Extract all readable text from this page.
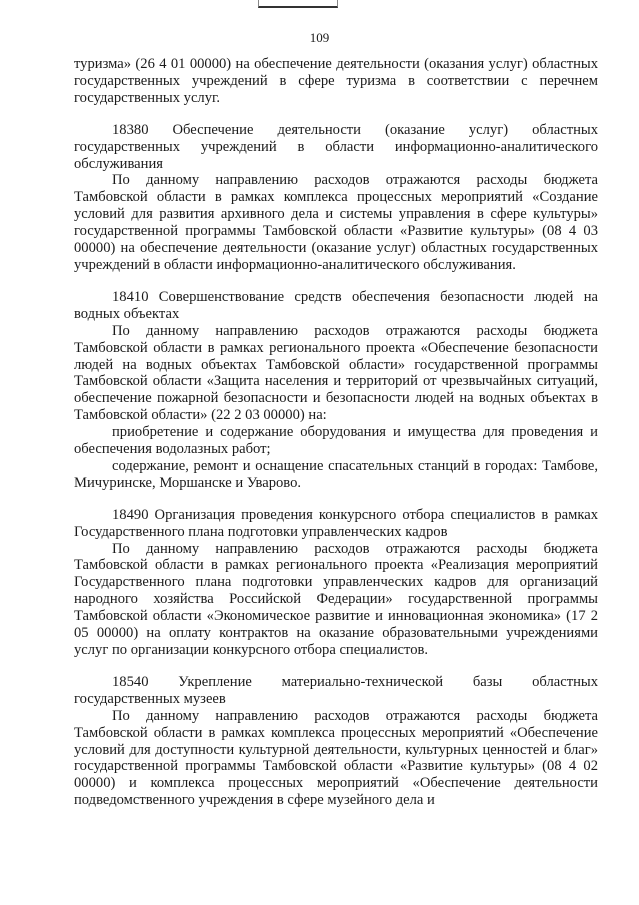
109

туризма» (26 4 01 00000) на обеспечение деятельности (оказания услуг) областных государственных учреждений в сфере туризма в соответствии с перечнем государственных услуг.

18380 Обеспечение деятельности (оказание услуг) областных государственных учреждений в области информационно-аналитического обслуживания

По данному направлению расходов отражаются расходы бюджета Тамбовской области в рамках комплекса процессных мероприятий «Создание условий для развития архивного дела и системы управления в сфере культуры» государственной программы Тамбовской области «Развитие культуры» (08 4 03 00000) на обеспечение деятельности (оказание услуг) областных государственных учреждений в области информационно-аналитического обслуживания.

18410 Совершенствование средств обеспечения безопасности людей на водных объектах

По данному направлению расходов отражаются расходы бюджета Тамбовской области в рамках регионального проекта «Обеспечение безопасности людей на водных объектах Тамбовской области» государственной программы Тамбовской области «Защита населения и территорий от чрезвычайных ситуаций, обеспечение пожарной безопасности и безопасности людей на водных объектах в Тамбовской области» (22 2 03 00000) на:

приобретение и содержание оборудования и имущества для проведения и обеспечения водолазных работ;

содержание, ремонт и оснащение спасательных станций в городах: Тамбове, Мичуринске, Моршанске и Уварово.

18490 Организация проведения конкурсного отбора специалистов в рамках Государственного плана подготовки управленческих кадров

По данному направлению расходов отражаются расходы бюджета Тамбовской области в рамках регионального проекта «Реализация мероприятий Государственного плана подготовки управленческих кадров для организаций народного хозяйства Российской Федерации» государственной программы Тамбовской области «Экономическое развитие и инновационная экономика» (17 2 05 00000) на оплату контрактов на оказание образовательными учреждениями услуг по организации конкурсного отбора специалистов.

18540 Укрепление материально-технической базы областных государственных музеев

По данному направлению расходов отражаются расходы бюджета Тамбовской области в рамках комплекса процессных мероприятий «Обеспечение условий для доступности культурной деятельности, культурных ценностей и благ» государственной программы Тамбовской области «Развитие культуры» (08 4 02 00000) и комплекса процессных мероприятий «Обеспечение деятельности подведомственного учреждения в сфере музейного дела и
